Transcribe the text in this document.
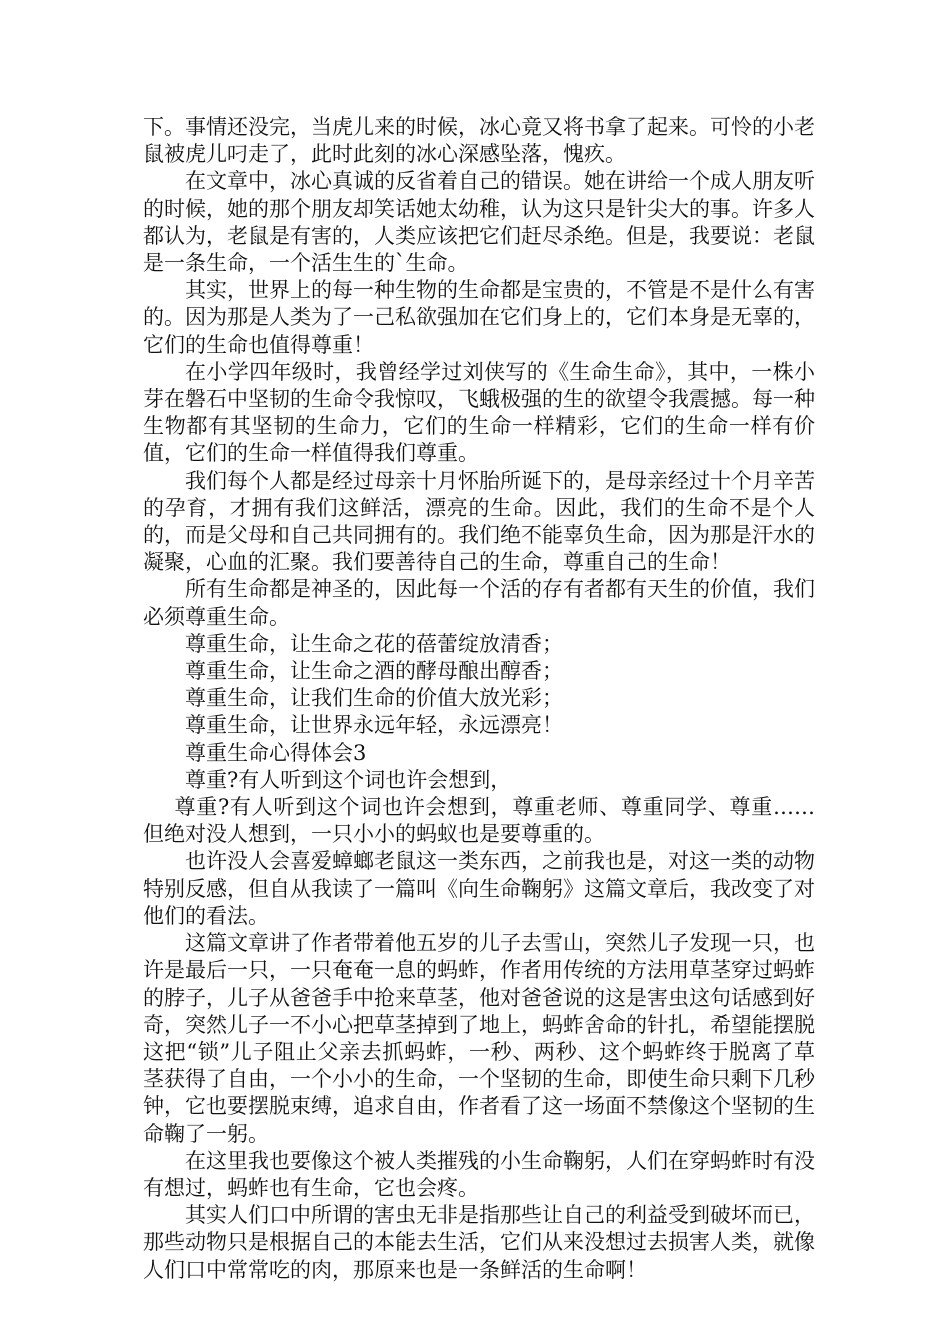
下。事情还没完，当虎儿来的时候，冰心竟又将书拿了起来。可怜的小老鼠被虎儿叼走了，此时此刻的冰心深感坠落，愧疚。

在文章中，冰心真诚的反省着自己的错误。她在讲给一个成人朋友听的时候，她的那个朋友却笑话她太幼稚，认为这只是针尖大的事。许多人都认为，老鼠是有害的，人类应该把它们赶尽杀绝。但是，我要说：老鼠是一条生命，一个活生生的`生命。

其实，世界上的每一种生物的生命都是宝贵的，不管是不是什么有害的。因为那是人类为了一己私欲强加在它们身上的，它们本身是无辜的，它们的生命也值得尊重！

在小学四年级时，我曾经学过刘侠写的《生命生命》，其中，一株小芽在磐石中坚韧的生命令我惊叹，飞蛾极强的生的欲望令我震撼。每一种生物都有其坚韧的生命力，它们的生命一样精彩，它们的生命一样有价值，它们的生命一样值得我们尊重。

我们每个人都是经过母亲十月怀胎所诞下的，是母亲经过十个月辛苦的孕育，才拥有我们这鲜活，漂亮的生命。因此，我们的生命不是个人的，而是父母和自己共同拥有的。我们绝不能辜负生命，因为那是汗水的凝聚，心血的汇聚。我们要善待自己的生命，尊重自己的生命！

所有生命都是神圣的，因此每一个活的存有者都有天生的价值，我们必须尊重生命。

尊重生命，让生命之花的蓓蕾绽放清香；

尊重生命，让生命之酒的酵母酿出醇香；

尊重生命，让我们生命的价值大放光彩；

尊重生命，让世界永远年轻，永远漂亮！

尊重生命心得体会3

尊重?有人听到这个词也许会想到，

尊重?有人听到这个词也许会想到，尊重老师、尊重同学、尊重……但绝对没人想到，一只小小的蚂蚁也是要尊重的。

也许没人会喜爱蟑螂老鼠这一类东西，之前我也是，对这一类的动物特别反感，但自从我读了一篇叫《向生命鞠躬》这篇文章后，我改变了对他们的看法。

这篇文章讲了作者带着他五岁的儿子去雪山，突然儿子发现一只，也许是最后一只，一只奄奄一息的蚂蚱，作者用传统的方法用草茎穿过蚂蚱的脖子，儿子从爸爸手中抢来草茎，他对爸爸说的这是害虫这句话感到好奇，突然儿子一不小心把草茎掉到了地上，蚂蚱舍命的针扎，希望能摆脱这把“锁”儿子阻止父亲去抓蚂蚱，一秒、两秒、这个蚂蚱终于脱离了草茎获得了自由，一个小小的生命，一个坚韧的生命，即使生命只剩下几秒钟，它也要摆脱束缚，追求自由，作者看了这一场面不禁像这个坚韧的生命鞠了一躬。

在这里我也要像这个被人类摧残的小生命鞠躬，人们在穿蚂蚱时有没有想过，蚂蚱也有生命，它也会疼。

其实人们口中所谓的害虫无非是指那些让自己的利益受到破坏而已，那些动物只是根据自己的本能去生活，它们从来没想过去损害人类，就像人们口中常常吃的肉，那原来也是一条鲜活的生命啊！
